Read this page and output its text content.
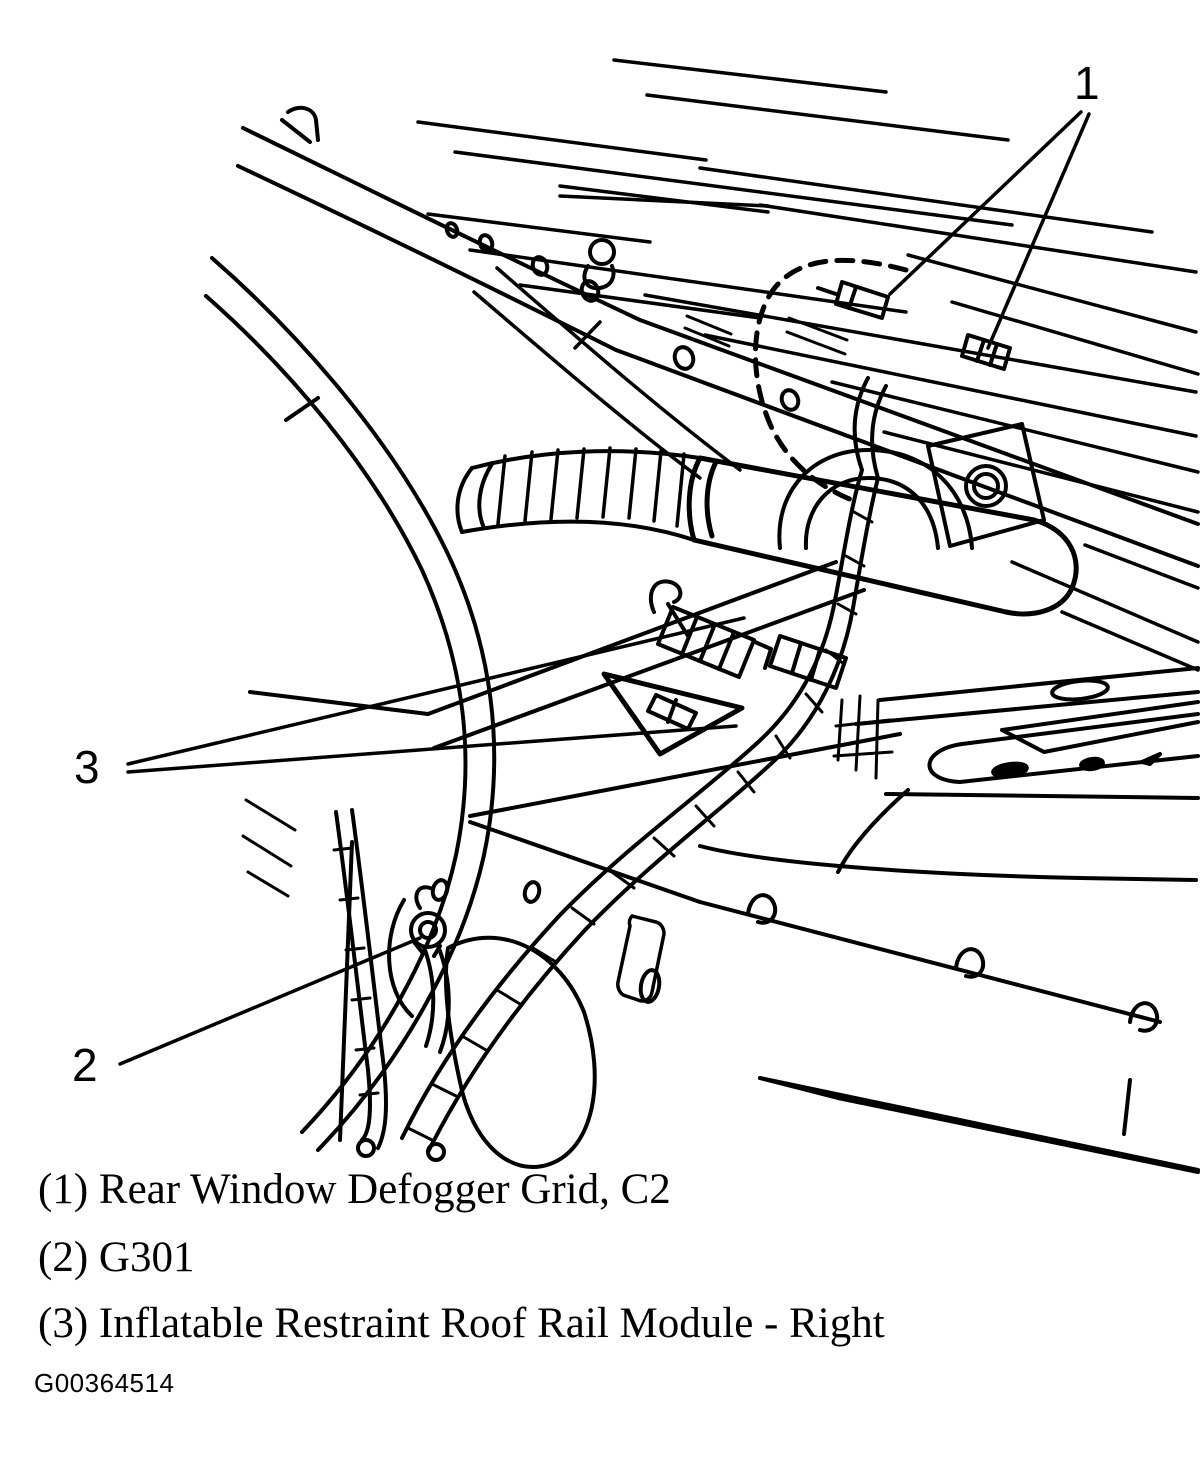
1
2
3
(1) Rear Window Defogger Grid, C2
(2) G301
(3) Inflatable Restraint Roof Rail Module - Right
G00364514
